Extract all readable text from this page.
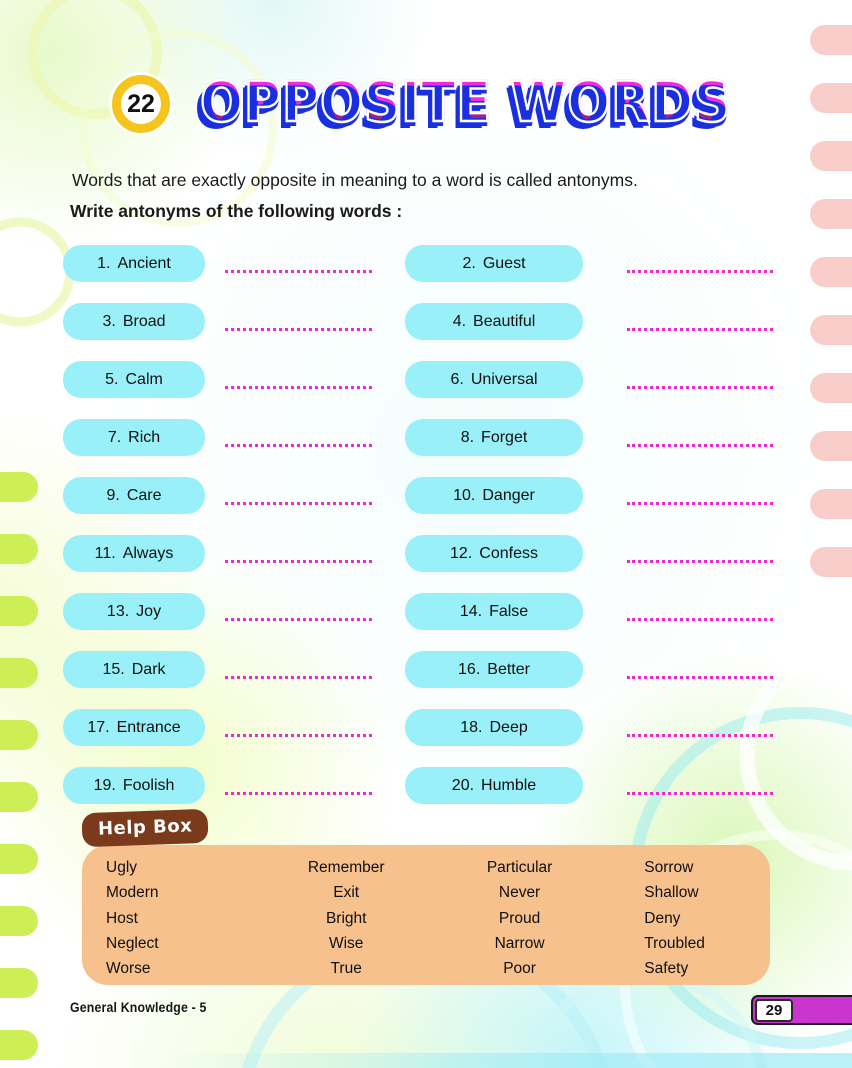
22 OPPOSITE WORDS
Words that are exactly opposite in meaning to a word is called antonyms.
Write antonyms of the following words :
1. Ancient	2. Guest
3. Broad	4. Beautiful
5. Calm	6. Universal
7. Rich	8. Forget
9. Care	10. Danger
11. Always	12. Confess
13. Joy	14. False
15. Dark	16. Better
17. Entrance	18. Deep
19. Foolish	20. Humble
Help Box
Ugly	Remember	Particular	Sorrow
Modern	Exit	Never	Shallow
Host	Bright	Proud	Deny
Neglect	Wise	Narrow	Troubled
Worse	True	Poor	Safety
General Knowledge - 5	29
